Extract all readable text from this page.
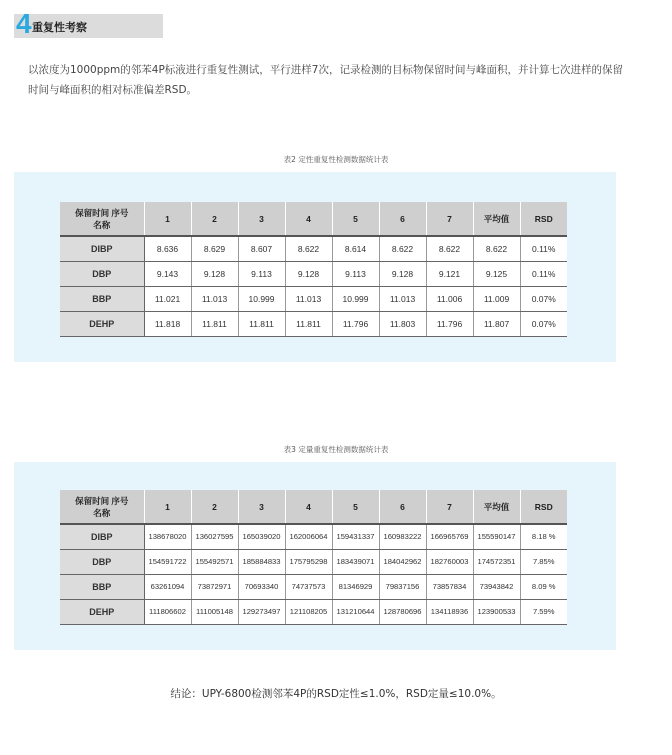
4 重复性考察

以浓度为1000ppm的邻苯4P标液进行重复性测试，平行进样7次，记录检测的目标物保留时间与峰面积，并计算七次进样的保留时间与峰面积的相对标准偏差RSD。

表2 定性重复性检测数据统计表
保留时间 序号
名称	1	2	3	4	5	6	7	平均值	RSD
DIBP	8.636	8.629	8.607	8.622	8.614	8.622	8.622	8.622	0.11%
DBP	9.143	9.128	9.113	9.128	9.113	9.128	9.121	9.125	0.11%
BBP	11.021	11.013	10.999	11.013	10.999	11.013	11.006	11.009	0.07%
DEHP	11.818	11.811	11.811	11.811	11.796	11.803	11.796	11.807	0.07%
表3 定量重复性检测数据统计表
保留时间 序号
名称	1	2	3	4	5	6	7	平均值	RSD
DIBP	138678020	136027595	165039020	162006064	159431337	160983222	166965769	155590147	8.18 %
DBP	154591722	155492571	185884833	175795298	183439071	184042962	182760003	174572351	7.85%
BBP	63261094	73872971	70693340	74737573	81346929	79837156	73857834	73943842	8.09 %
DEHP	111806602	111005148	129273497	121108205	131210644	128780696	134118936	123900533	7.59%

结论：UPY-6800检测邻苯4P的RSD定性≤1.0%，RSD定量≤10.0%。
